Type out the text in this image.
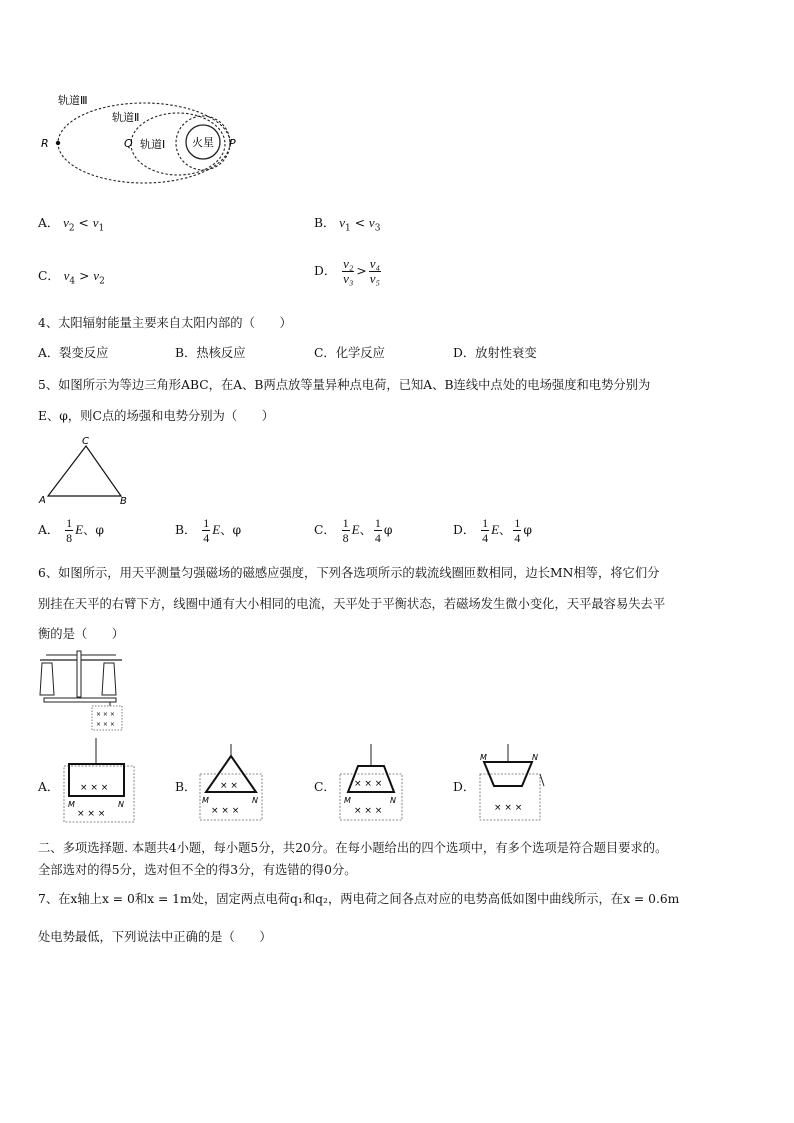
轨道Ⅲ
轨道Ⅱ
轨道Ⅰ 火星
R	Q	P
A． $v_2 < v_1$	B． $v_1 < v_3$
C． $v_4 > v_2$
D． $\frac{\text{v₂}}{\text{v₃}} > \frac{\text{v₄}}{\text{v₅}}$
4、太阳辐射能量主要来自太阳内部的（　　）
A．裂变反应	B．热核反应	C．化学反应	D．放射性衰变
5、如图所示为等边三角形ABC，在A、B两点放等量异种点电荷，已知A、B连线中点处的电场强度和电势分别为
E、φ，则C点的场强和电势分别为（　　）
C
A	B
A． $\frac{1}{8}$ E、φ	B． $\frac{1}{4}$ E、φ	C． $\frac{1}{8}$ E、 $\frac{1}{4}$ φ	D． $\frac{1}{4}$ E、 $\frac{1}{4}$ φ
6、如图所示，用天平测量匀强磁场的磁感应强度，下列各选项所示的载流线圈匝数相同，边长MN相等，将它们分
别挂在天平的右臂下方，线圈中通有大小相同的电流，天平处于平衡状态，若磁场发生微小变化，天平最容易失去平
衡的是（　　）
× × ×
× × ×
A． × × ×
M	N
× × ×
B．	× ×
M	N
× × ×
C． × × ×
M	N
× × ×
D．
M	N
× × ×
二、多项选择题. 本题共4小题，每小题5分，共20分。在每小题给出的四个选项中，有多个选项是符合题目要求的。
全部选对的得5分，选对但不全的得3分，有选错的得0分。
7、在x轴上x = 0和x = 1m处，固定两点电荷q₁和q₂，两电荷之间各点对应的电势高低如图中曲线所示，在x = 0.6m
处电势最低，下列说法中正确的是（　　）
